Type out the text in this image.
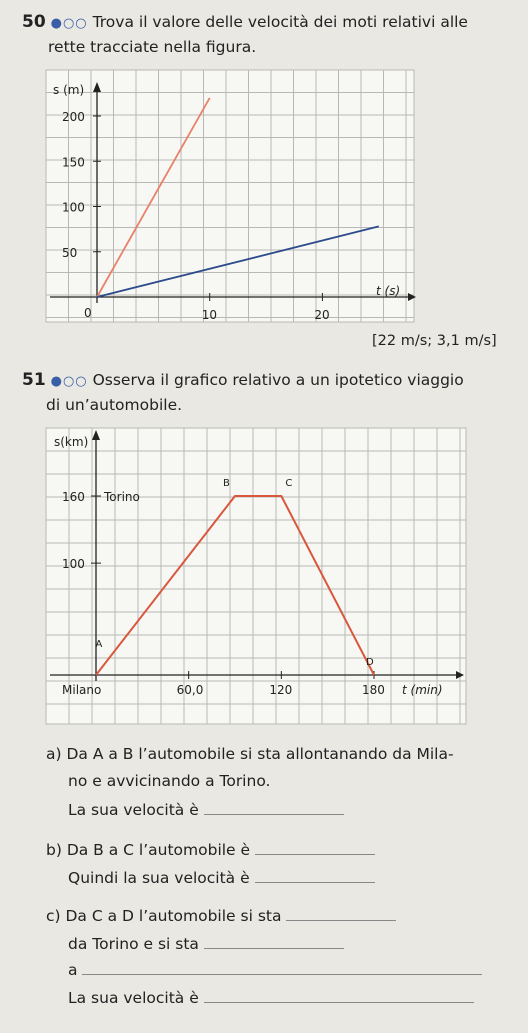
50 ●○○ Trova il valore delle velocità dei moti relativi alle
rette tracciate nella figura.
0
50
100
150
200
10	20
s (m)
t (s)
[22 m/s; 3,1 m/s]
51 ●○○ Osserva il grafico relativo a un ipotetico viaggio
di un’automobile.
s(km)
t (min)
160
100
Torino
Milano	60,0	120	180
A
B	C
D
a) Da A a B l’automobile si sta allontanando da Mila-
no e avvicinando a Torino.
La sua velocità è
b) Da B a C l’automobile è
Quindi la sua velocità è
c) Da C a D l’automobile si sta
da Torino e si sta
a
La sua velocità è
